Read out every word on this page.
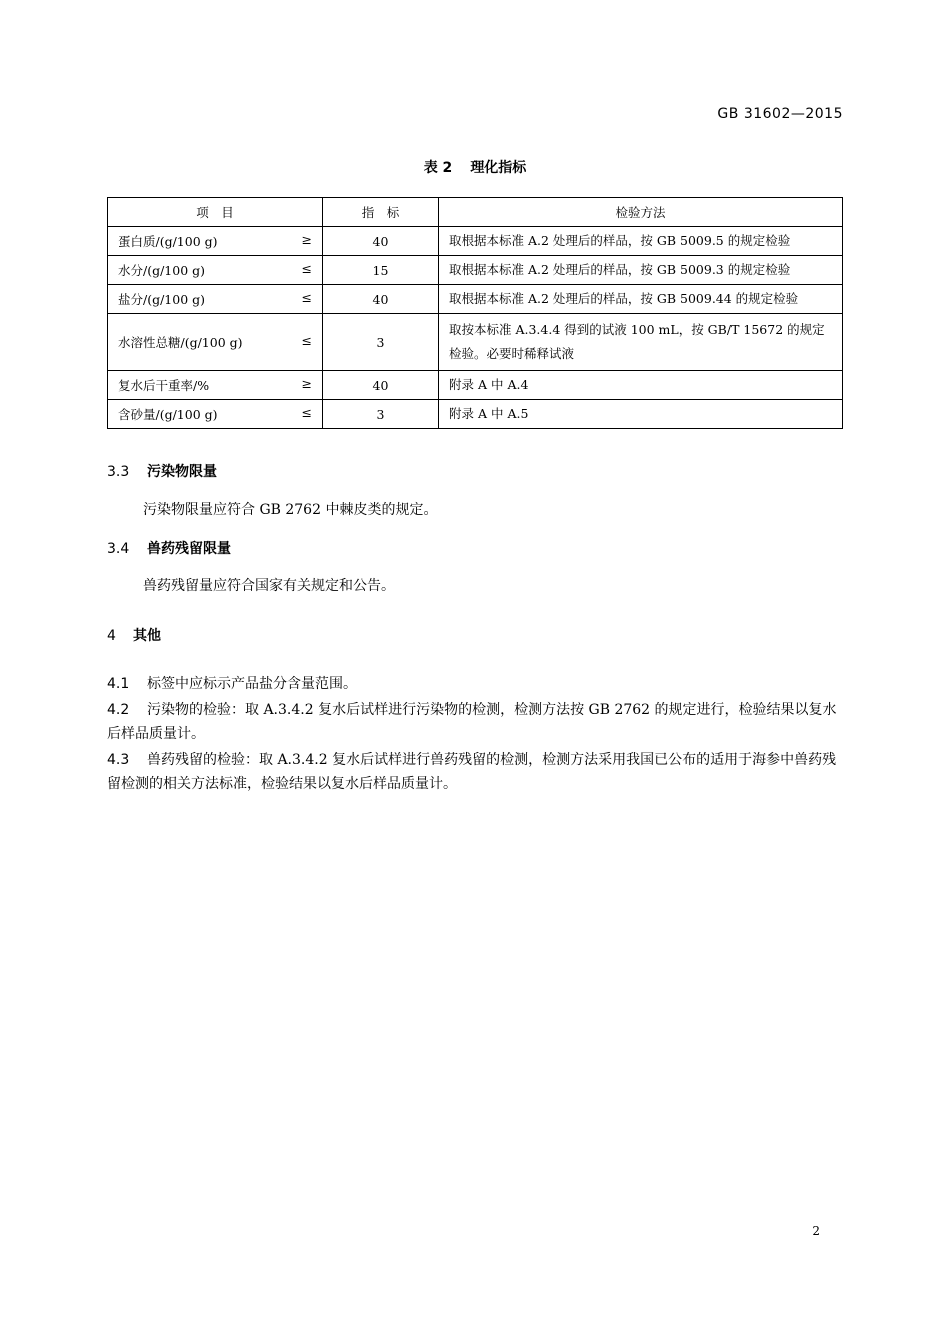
GB 31602—2015
表 2 理化指标
项　目	指　标	检验方法

蛋白质/(g/100 g) ≥	40	取根据本标准 A.2 处理后的样品，按 GB 5009.5 的规定检验

水分/(g/100 g) ≤	15	取根据本标准 A.2 处理后的样品，按 GB 5009.3 的规定检验

盐分/(g/100 g) ≤	40	取根据本标准 A.2 处理后的样品，按 GB 5009.44 的规定检验

水溶性总糖/(g/100 g) ≤	3	取按本标准 A.3.4.4 得到的试液 100 mL，按 GB/T 15672 的规定检验。必要时稀释试液

复水后干重率/% ≥	40	附录 A 中 A.4

含砂量/(g/100 g) ≤	3	附录 A 中 A.5
3.3 污染物限量
污染物限量应符合 GB 2762 中棘皮类的规定。
3.4 兽药残留限量
兽药残留量应符合国家有关规定和公告。
4 其他
4.1 标签中应标示产品盐分含量范围。
4.2 污染物的检验：取 A.3.4.2 复水后试样进行污染物的检测，检测方法按 GB 2762 的规定进行，检验结果以复水后样品质量计。
4.3 兽药残留的检验：取 A.3.4.2 复水后试样进行兽药残留的检测，检测方法采用我国已公布的适用于海参中兽药残留检测的相关方法标准，检验结果以复水后样品质量计。
2
